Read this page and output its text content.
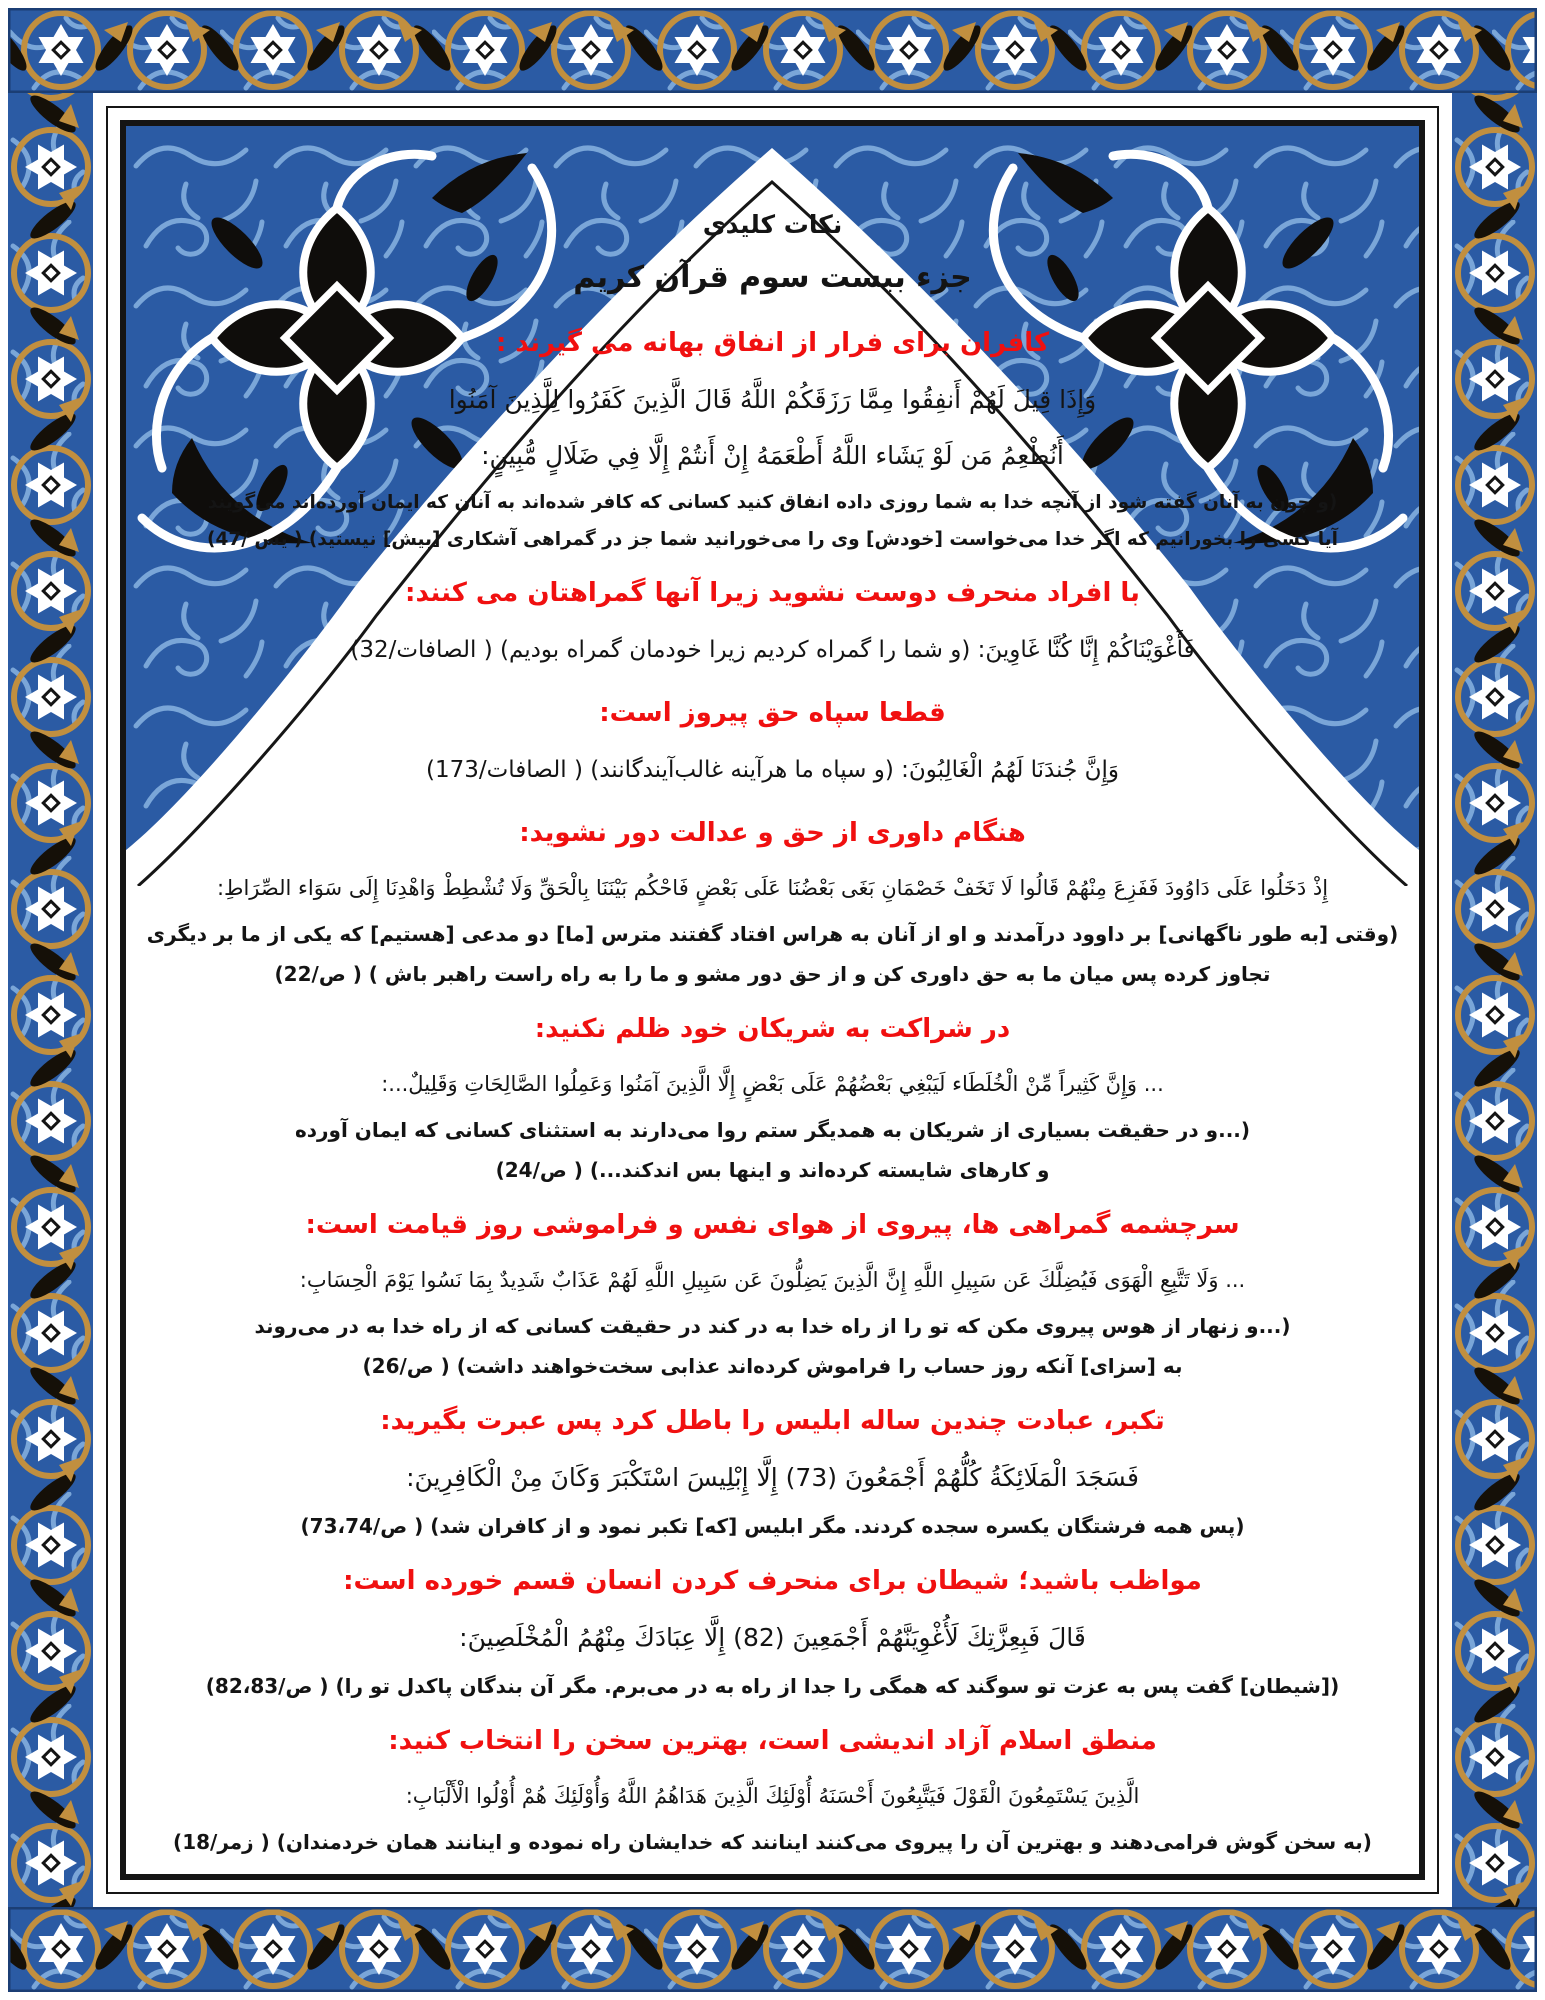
نکات کلیدی
جزء بیست سوم قرآن کریم
کافران برای فرار از انفاق بهانه می گیرند :
وَإِذَا قِيلَ لَهُمْ أَنفِقُوا مِمَّا رَزَقَكُمْ اللَّهُ قَالَ الَّذِينَ كَفَرُوا لِلَّذِينَ آمَنُوا
أَنُطْعِمُ مَن لَوْ يَشَاء اللَّهُ أَطْعَمَهُ إِنْ أَنتُمْ إِلَّا فِي ضَلَالٍ مُّبِينٍ:
(و چون به آنان گفته شود از آنچه خدا به شما روزی داده انفاق کنید کسانی که کافر شده‌اند به آنان که ایمان آورده‌اند می‌گویند
آیا کسی را بخورانیم که اگر خدا می‌خواست [خودش] وی را می‌خورانید شما جز در گمراهی آشکاری [بیش] نیستید) ( یس /47)
با افراد منحرف دوست نشوید زیرا آنها گمراهتان می کنند:
فَأَغْوَيْنَاكُمْ إِنَّا كُنَّا غَاوِينَ: (و شما را گمراه کردیم زیرا خودمان گمراه بودیم) ( الصافات/32)
قطعا سپاه حق پیروز است:
وَإِنَّ جُندَنَا لَهُمُ الْغَالِبُونَ: (و سپاه ما هرآینه غالب‌آیندگانند) ( الصافات/173)
هنگام داوری از حق و عدالت دور نشوید:
إِذْ دَخَلُوا عَلَى دَاوُودَ فَفَزِعَ مِنْهُمْ قَالُوا لَا تَخَفْ خَصْمَانِ بَغَى بَعْضُنَا عَلَى بَعْضٍ فَاحْكُم بَيْنَنَا بِالْحَقِّ وَلَا تُشْطِطْ وَاهْدِنَا إِلَى سَوَاء الصِّرَاطِ:
(وقتی [به طور ناگهانی] بر داوود درآمدند و او از آنان به هراس افتاد گفتند مترس [ما] دو مدعی [هستیم] که یکی از ما بر دیگری
تجاوز کرده پس میان ما به حق داوری کن و از حق دور مشو و ما را به راه راست راهبر باش ) ( ص/22)
در شراکت به شریکان خود ظلم نکنید:
... وَإِنَّ كَثِيراً مِّنْ الْخُلَطَاء لَيَبْغِي بَعْضُهُمْ عَلَى بَعْضٍ إِلَّا الَّذِينَ آمَنُوا وَعَمِلُوا الصَّالِحَاتِ وَقَلِيلٌ...:
(...و در حقیقت بسیاری از شریکان به همدیگر ستم روا می‌دارند به استثنای کسانی که ایمان آورده
و کارهای شایسته کرده‌اند و اینها بس اندکند...) ( ص/24)
سرچشمه گمراهی ها، پیروی از هوای نفس و فراموشی روز قیامت است:
... وَلَا تَتَّبِعِ الْهَوَى فَيُضِلَّكَ عَن سَبِيلِ اللَّهِ إِنَّ الَّذِينَ يَضِلُّونَ عَن سَبِيلِ اللَّهِ لَهُمْ عَذَابٌ شَدِيدٌ بِمَا نَسُوا يَوْمَ الْحِسَابِ:
(...و زنهار از هوس پیروی مکن که تو را از راه خدا به در کند در حقیقت کسانی که از راه خدا به در می‌روند
به [سزای] آنکه روز حساب را فراموش کرده‌اند عذابی سخت‌خواهند داشت) ( ص/26)
تکبر، عبادت چندین ساله ابلیس را باطل کرد پس عبرت بگیرید:
فَسَجَدَ الْمَلَائِكَةُ كُلُّهُمْ أَجْمَعُونَ (73) إِلَّا إِبْلِيسَ اسْتَكْبَرَ وَكَانَ مِنْ الْكَافِرِينَ:
(پس همه فرشتگان یکسره سجده کردند. مگر ابلیس [که] تکبر نمود و از کافران شد) ( ص/73،74)
مواظب باشید؛ شیطان برای منحرف کردن انسان قسم خورده است:
قَالَ فَبِعِزَّتِكَ لَأُغْوِيَنَّهُمْ أَجْمَعِينَ (82) إِلَّا عِبَادَكَ مِنْهُمُ الْمُخْلَصِينَ:
([شیطان] گفت پس به عزت تو سوگند که همگی را جدا از راه به در می‌برم. مگر آن بندگان پاکدل تو را) ( ص/82،83)
منطق اسلام آزاد اندیشی است، بهترین سخن را انتخاب کنید:
الَّذِينَ يَسْتَمِعُونَ الْقَوْلَ فَيَتَّبِعُونَ أَحْسَنَهُ أُوْلَئِكَ الَّذِينَ هَدَاهُمُ اللَّهُ وَأُوْلَئِكَ هُمْ أُوْلُوا الْأَلْبَابِ:
(به سخن گوش فرامی‌دهند و بهترین آن را پیروی می‌کنند اینانند که خدایشان راه نموده و اینانند همان خردمندان) ( زمر/18)
